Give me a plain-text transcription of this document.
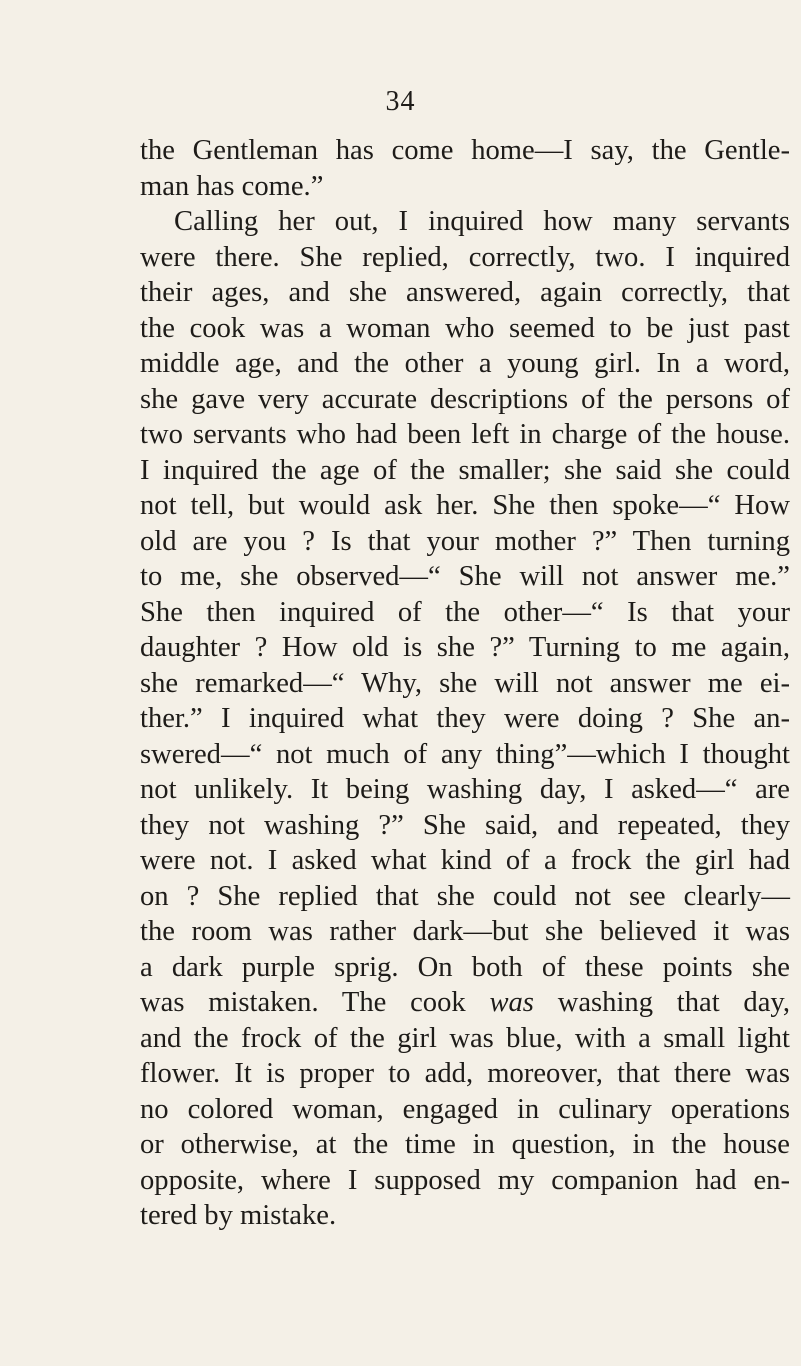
34
the Gentleman has come home—I say, the Gentle-
man has come.”
Calling her out, I inquired how many servants
were there. She replied, correctly, two. I inquired
their ages, and she answered, again correctly, that
the cook was a woman who seemed to be just past
middle age, and the other a young girl. In a word,
she gave very accurate descriptions of the persons of
two servants who had been left in charge of the house.
I inquired the age of the smaller; she said she could
not tell, but would ask her. She then spoke—“ How
old are you ? Is that your mother ?” Then turning
to me, she observed—“ She will not answer me.”
She then inquired of the other—“ Is that your
daughter ? How old is she ?” Turning to me again,
she remarked—“ Why, she will not answer me ei-
ther.” I inquired what they were doing ? She an-
swered—“ not much of any thing”—which I thought
not unlikely. It being washing day, I asked—“ are
they not washing ?” She said, and repeated, they
were not. I asked what kind of a frock the girl had
on ? She replied that she could not see clearly—
the room was rather dark—but she believed it was
a dark purple sprig. On both of these points she
was mistaken. The cook was washing that day,
and the frock of the girl was blue, with a small light
flower. It is proper to add, moreover, that there was
no colored woman, engaged in culinary operations
or otherwise, at the time in question, in the house
opposite, where I supposed my companion had en-
tered by mistake.
